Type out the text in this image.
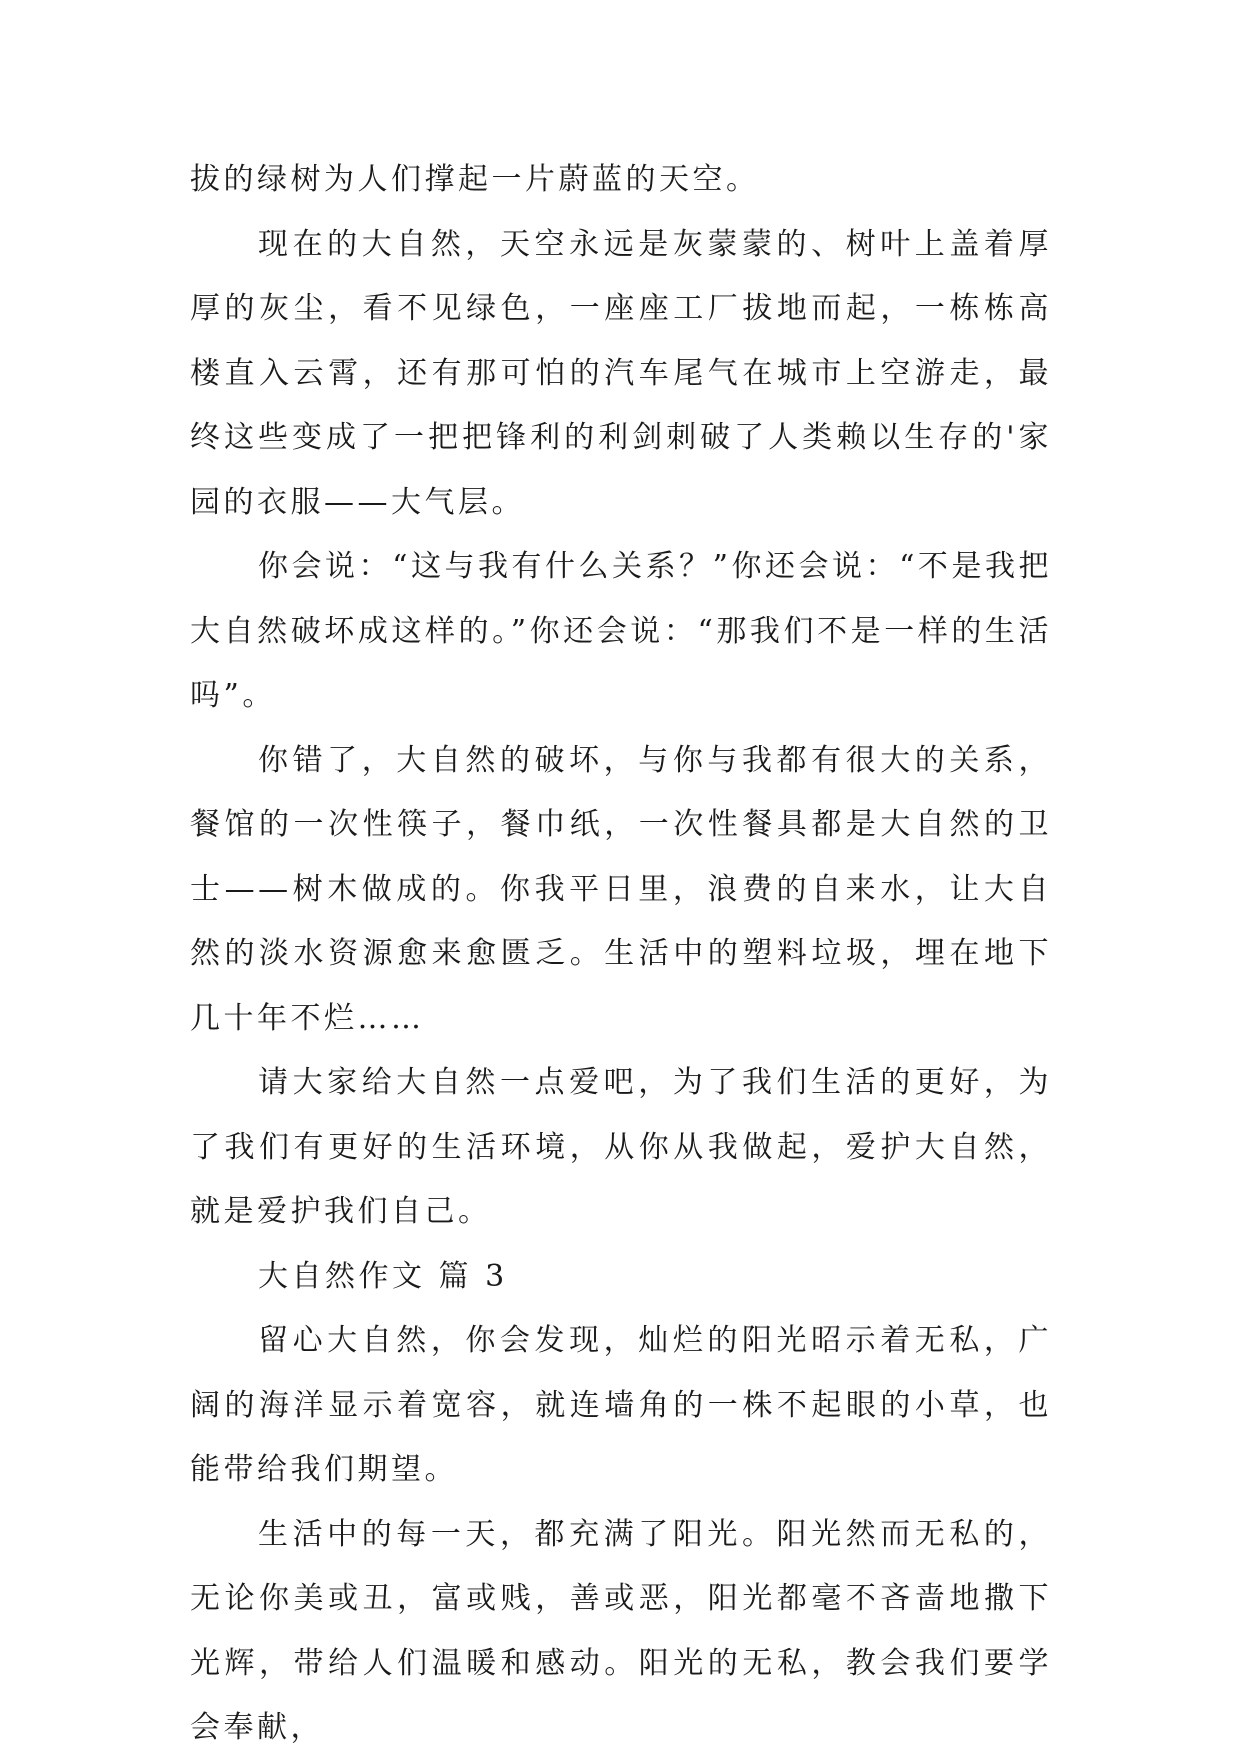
拔的绿树为人们撑起一片蔚蓝的天空。

现在的大自然，天空永远是灰蒙蒙的、树叶上盖着厚厚的灰尘，看不见绿色，一座座工厂拔地而起，一栋栋高楼直入云霄，还有那可怕的汽车尾气在城市上空游走，最终这些变成了一把把锋利的利剑刺破了人类赖以生存的'家园的衣服——大气层。

你会说：“这与我有什么关系？”你还会说：“不是我把大自然破坏成这样的。”你还会说：“那我们不是一样的生活吗”。

你错了，大自然的破坏，与你与我都有很大的关系，餐馆的一次性筷子，餐巾纸，一次性餐具都是大自然的卫士——树木做成的。你我平日里，浪费的自来水，让大自然的淡水资源愈来愈匮乏。生活中的塑料垃圾，埋在地下几十年不烂……

请大家给大自然一点爱吧，为了我们生活的更好，为了我们有更好的生活环境，从你从我做起，爱护大自然，就是爱护我们自己。

大自然作文 篇 3

留心大自然，你会发现，灿烂的阳光昭示着无私，广阔的海洋显示着宽容，就连墙角的一株不起眼的小草，也能带给我们期望。

生活中的每一天，都充满了阳光。阳光然而无私的，无论你美或丑，富或贱，善或恶，阳光都毫不吝啬地撒下光辉，带给人们温暖和感动。阳光的无私，教会我们要学会奉献，
